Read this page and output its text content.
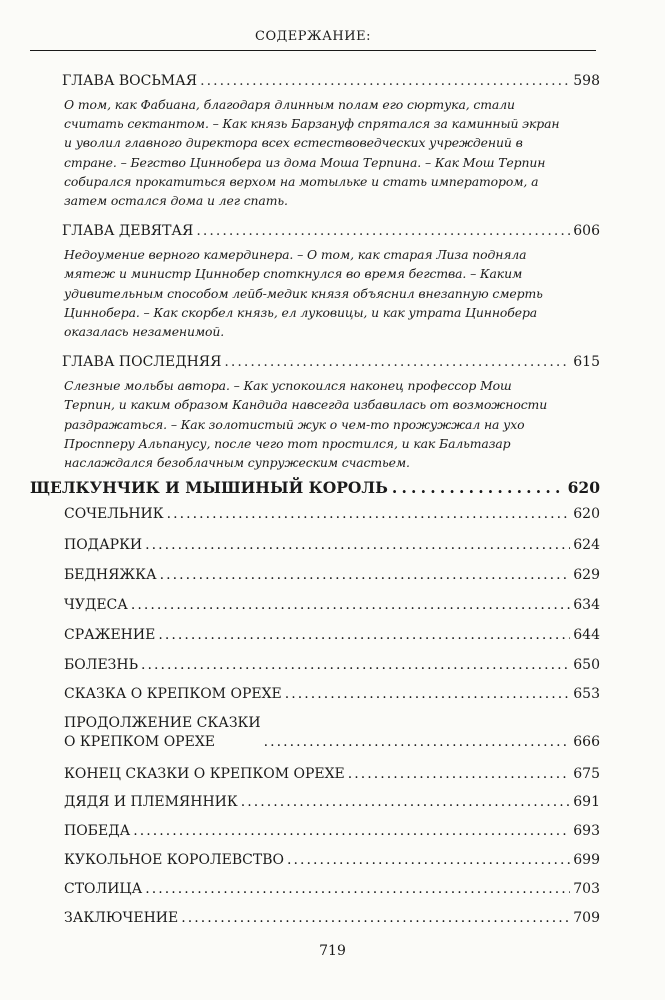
СОДЕРЖАНИЕ:
ГЛАВА ВОСЬМАЯ . . .	598
О том, как Фабиана, благодаря длинным полам его сюртука, стали считать сектантом. – Как князь Барзануф спрятался за каминный экран и уволил главного директора всех естествоведческих учреждений в стране. – Бегство Циннобера из дома Моша Терпина. – Как Мош Терпин собирался прокатиться верхом на мотыльке и стать императором, а затем остался дома и лег спать.
ГЛАВА ДЕВЯТАЯ . . .	606
Недоумение верного камердинера. – О том, как старая Лиза подняла мятеж и министр Циннобер споткнулся во время бегства. – Каким удивительным способом лейб-медик князя объяснил внезапную смерть Циннобера. – Как скорбел князь, ел луковицы, и как утрата Циннобера оказалась незаменимой.
ГЛАВА ПОСЛЕДНЯЯ . . .	615
Слезные мольбы автора. – Как успокоился наконец профессор Мош Терпин, и каким образом Кандида навсегда избавилась от возможности раздражаться. – Как золотистый жук о чем-то прожужжал на ухо Проспперу Альпанусу, после чего тот простился, и как Бальтазар наслаждался безоблачным супружеским счастьем.
ЩЕЛКУНЧИК И МЫШИНЫЙ КОРОЛЬ . . .	620
СОЧЕЛЬНИК . . .	620
ПОДАРКИ . . .	624
БЕДНЯЖКА . . .	629
ЧУДЕСА . . .	634
СРАЖЕНИЕ . . .	644
БОЛЕЗНЬ . . .	650
СКАЗКА О КРЕПКОМ ОРЕХЕ . . .	653
ПРОДОЛЖЕНИЕ СКАЗКИ
О КРЕПКОМ ОРЕХЕ . . .	666
КОНЕЦ СКАЗКИ О КРЕПКОМ ОРЕХЕ . . .	675
ДЯДЯ И ПЛЕМЯННИК . . .	691
ПОБЕДА . . .	693
КУКОЛЬНОЕ КОРОЛЕВСТВО . . .	699
СТОЛИЦА . . .	703
ЗАКЛЮЧЕНИЕ . . .	709
719
